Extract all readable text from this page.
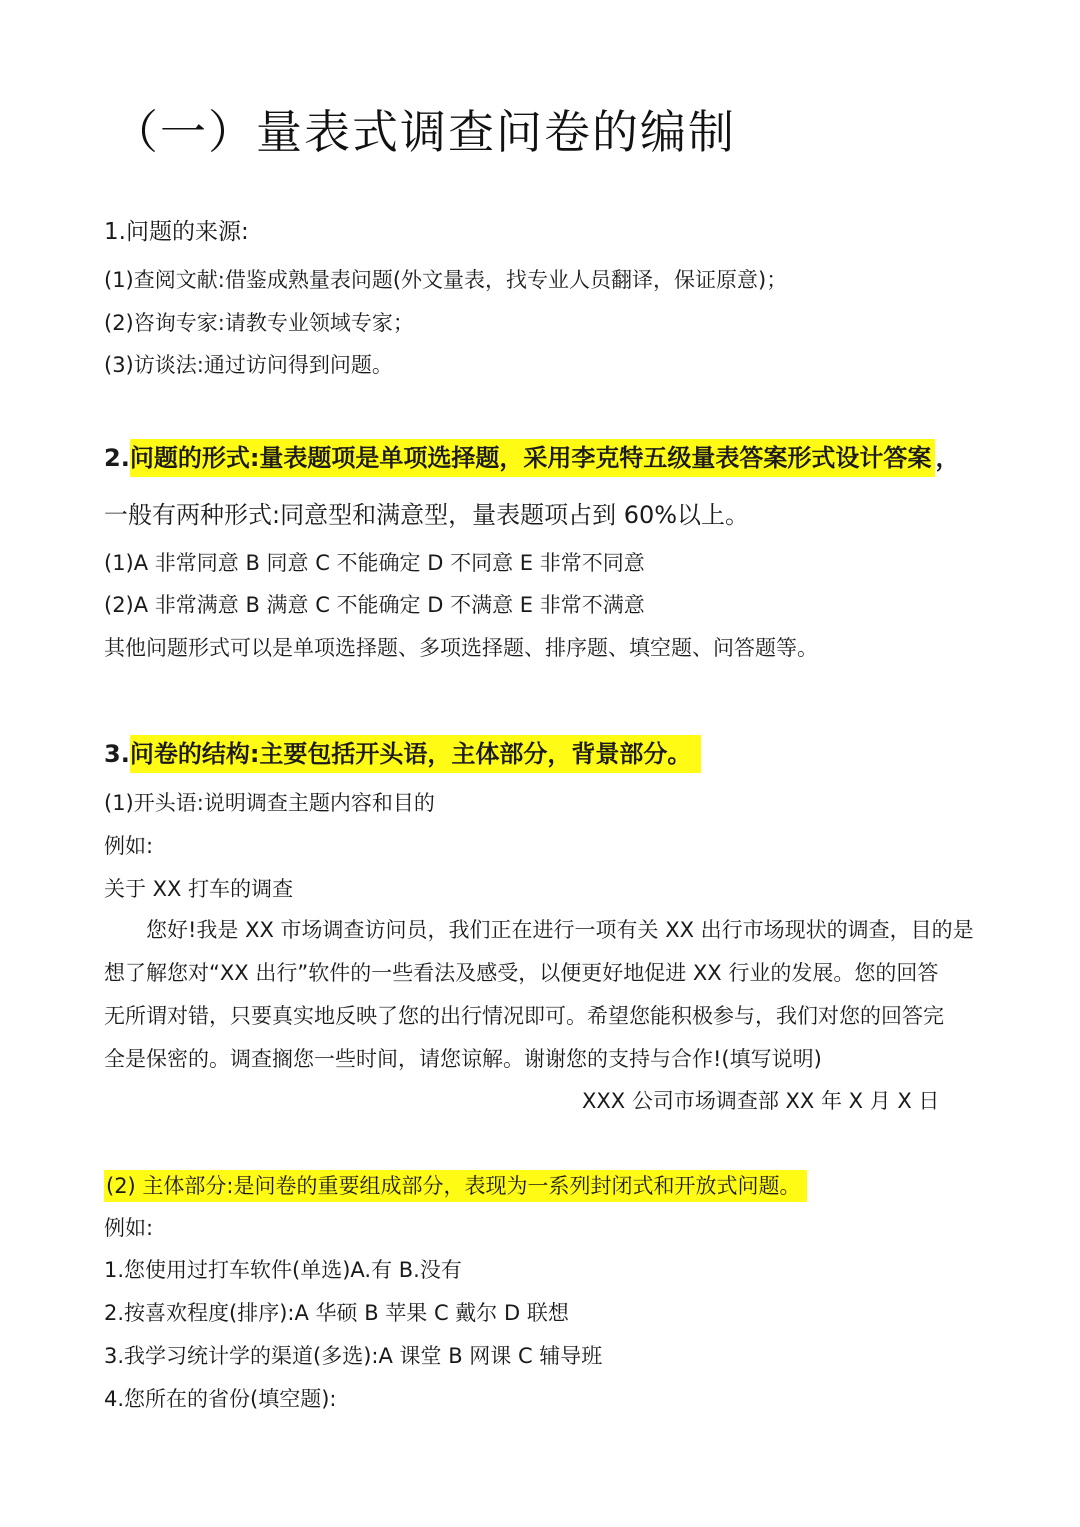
（一）量表式调查问卷的编制
1.问题的来源:
(1)查阅文献:借鉴成熟量表问题(外文量表，找专业人员翻译，保证原意)；
(2)咨询专家:请教专业领域专家；
(3)访谈法:通过访问得到问题。
2.问题的形式:量表题项是单项选择题，采用李克特五级量表答案形式设计答案 ，
一般有两种形式:同意型和满意型，量表题项占到 60%以上。
(1)A 非常同意 B 同意 C 不能确定 D 不同意 E 非常不同意
(2)A 非常满意 B 满意 C 不能确定 D 不满意 E 非常不满意
其他问题形式可以是单项选择题、多项选择题、排序题、填空题、问答题等。
3.问卷的结构:主要包括开头语，主体部分，背景部分。
(1)开头语:说明调查主题内容和目的
例如:
关于 XX 打车的调查

您好!我是 XX 市场调查访问员，我们正在进行一项有关 XX 出行市场现状的调查，目的是

想了解您对“XX 出行”软件的一些看法及感受，以便更好地促进 XX 行业的发展。您的回答

无所谓对错，只要真实地反映了您的出行情况即可。希望您能积极参与，我们对您的回答完

全是保密的。调查搁您一些时间，请您谅解。谢谢您的支持与合作!(填写说明)

XXX 公司市场调查部 XX 年 X 月 X 日
(2) 主体部分:是问卷的重要组成部分，表现为一系列封闭式和开放式问题。
例如:
1.您使用过打车软件(单选)A.有 B.没有
2.按喜欢程度(排序):A 华硕 B 苹果 C 戴尔 D 联想
3.我学习统计学的渠道(多选):A 课堂 B 网课 C 辅导班
4.您所在的省份(填空题):
